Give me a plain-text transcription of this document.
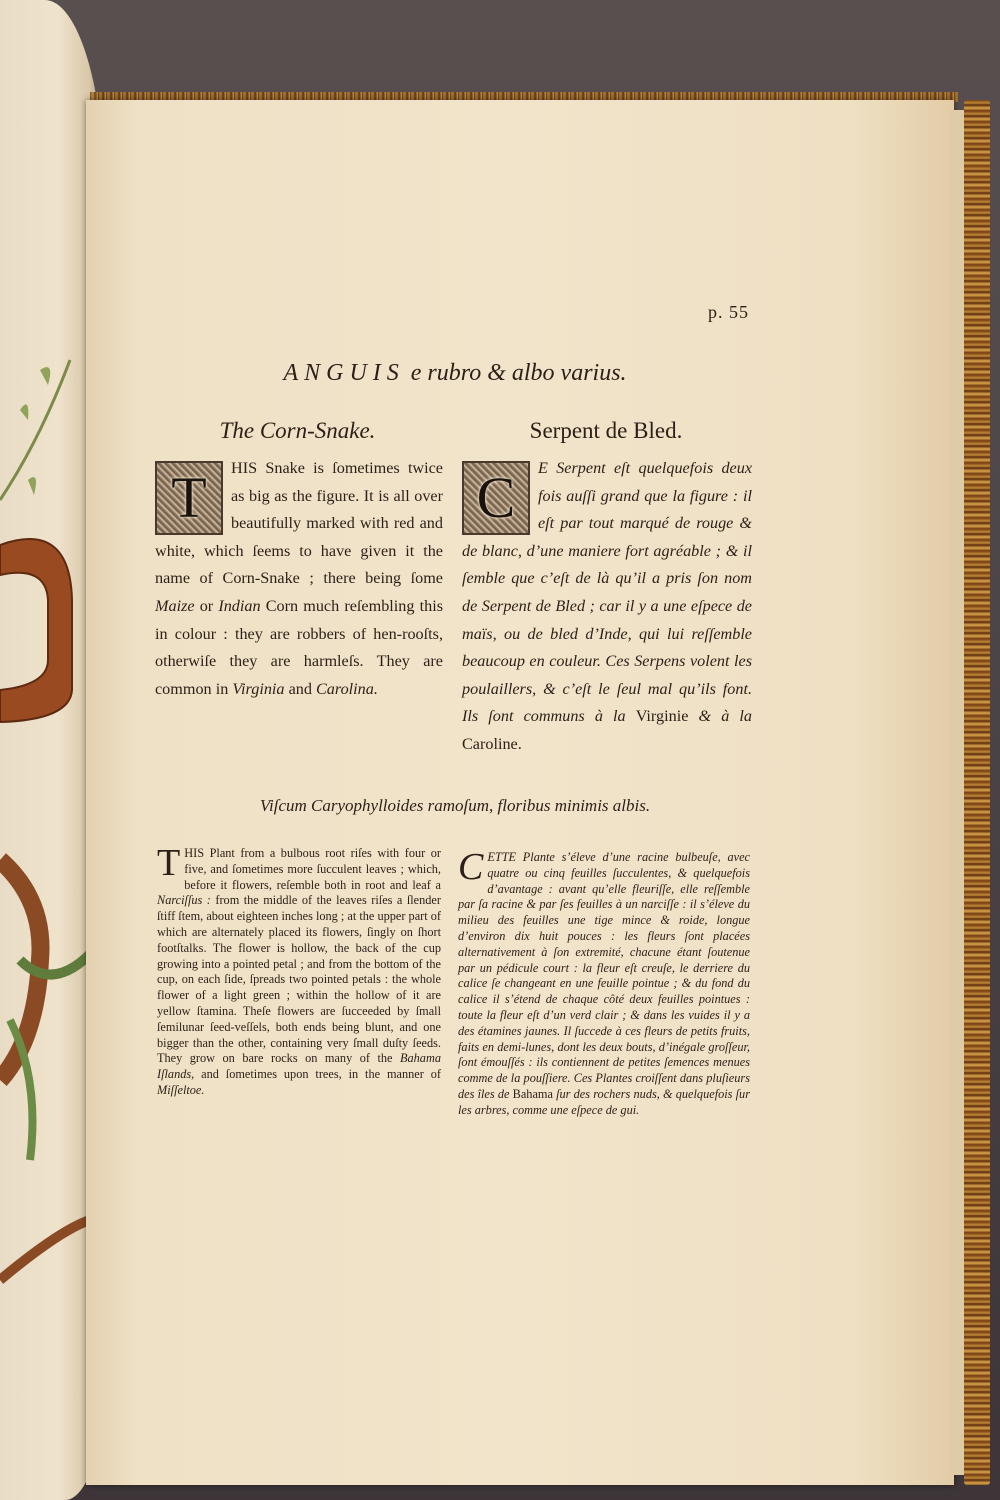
p. 55
ANGUIS e rubro & albo varius.
The Corn-Snake.	Serpent de Bled.
T	HIS Snake is ſometimes twice as big as the figure. It is all over beautifully marked with red and white, which ſeems to have given it the name of Corn-Snake ; there being ſome Maize or Indian Corn much reſembling this in colour : they are robbers of hen-rooſts, otherwiſe they are harmleſs. They are common in Virginia and Carolina.
C	E Serpent eſt quelquefois deux fois auſſi grand que la figure : il eſt par tout marqué de rouge & de blanc, d’une maniere fort agréable ; & il ſemble que c’eſt de là qu’il a pris ſon nom de Serpent de Bled ; car il y a une eſpece de maïs, ou de bled d’Inde, qui lui reſſemble beaucoup en couleur. Ces Serpens volent les poulaillers, & c’eſt le ſeul mal qu’ils font. Ils ſont communs à la Virginie & à la Caroline.
Viſcum Caryophylloides ramoſum, floribus minimis albis.
THIS Plant from a bulbous root riſes with four or five, and ſometimes more ſucculent leaves ; which, before it flowers, reſemble both in root and leaf a Narciſſus : from the middle of the leaves riſes a ſlender ſtiff ſtem, about eighteen inches long ; at the upper part of which are alternately placed its flowers, ſingly on ſhort footſtalks. The flower is hollow, the back of the cup growing into a pointed petal ; and from the bottom of the cup, on each ſide, ſpreads two pointed petals : the whole flower of a light green ; within the hollow of it are yellow ſtamina. Theſe flowers are ſucceeded by ſmall ſemilunar ſeed-veſſels, both ends being blunt, and one bigger than the other, containing very ſmall duſty ſeeds. They grow on bare rocks on many of the Bahama Iſlands, and ſometimes upon trees, in the manner of Miſſeltoe.
CETTE Plante s’éleve d’une racine bulbeuſe, avec quatre ou cinq feuilles ſucculentes, & quelquefois d’avantage : avant qu’elle fleuriſſe, elle reſſemble par ſa racine & par ſes feuilles à un narciſſe : il s’éleve du milieu des feuilles une tige mince & roide, longue d’environ dix huit pouces : les fleurs ſont placées alternativement à ſon extremité, chacune étant ſoutenue par un pédicule court : la fleur eſt creuſe, le derriere du calice ſe changeant en une feuille pointue ; & du fond du calice il s’étend de chaque côté deux feuilles pointues : toute la fleur eſt d’un verd clair ; & dans les vuides il y a des étamines jaunes. Il ſuccede à ces fleurs de petits fruits, faits en demi-lunes, dont les deux bouts, d’inégale groſſeur, ſont émouſſés : ils contiennent de petites ſemences menues comme de la pouſſiere. Ces Plantes croiſſent dans pluſieurs des îles de Bahama ſur des rochers nuds, & quelquefois ſur les arbres, comme une eſpece de gui.
